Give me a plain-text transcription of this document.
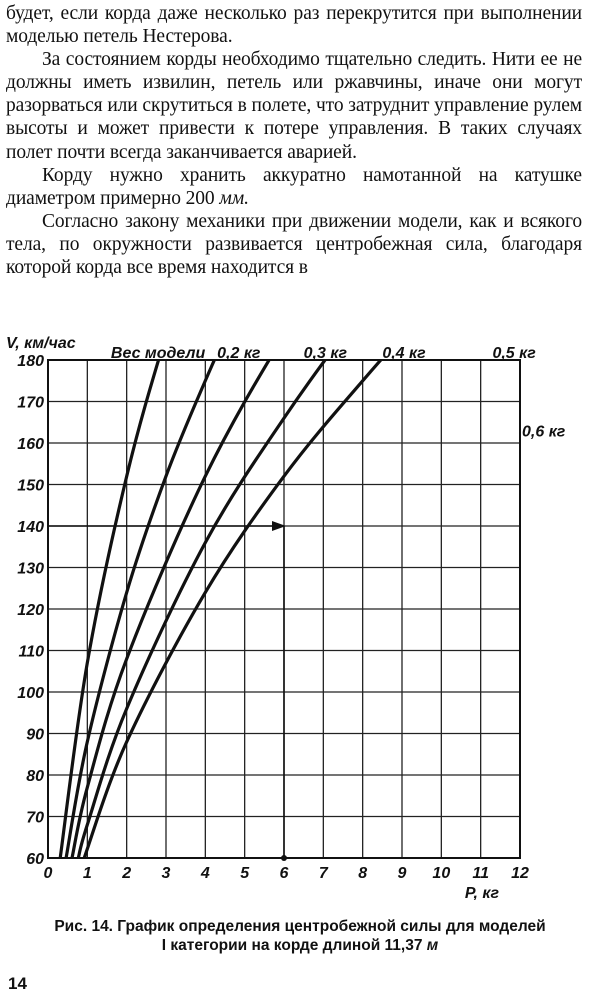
будет, если корда даже несколько раз перекрутится при выполнении моделью петель Нестерова.

За состоянием корды необходимо тщательно следить. Нити ее не должны иметь извилин, петель или ржавчины, иначе они могут разорваться или скрутиться в полете, что затруднит управление рулем высоты и может привести к потере управления. В таких случаях полет почти всегда заканчивается аварией.

Корду нужно хранить аккуратно намотанной на катушке диаметром примерно 200 мм.

Согласно закону механики при движении модели, как и всякого тела, по окружности развивается центробежная сила, благодаря которой корда все время находится в

0 1 2 3 4 5 6 7 8 9 10 11 12
60
70
80
90
100
110
120
130
140
150
160
170
180
V, км/час
P, кг
Вес модели 0,2 кг	0,3 кг 0,4 кг	0,5 кг
0,6 кг
Рис. 14. График определения центробежной силы для моделей
I категории на корде длиной 11,37 м
14
